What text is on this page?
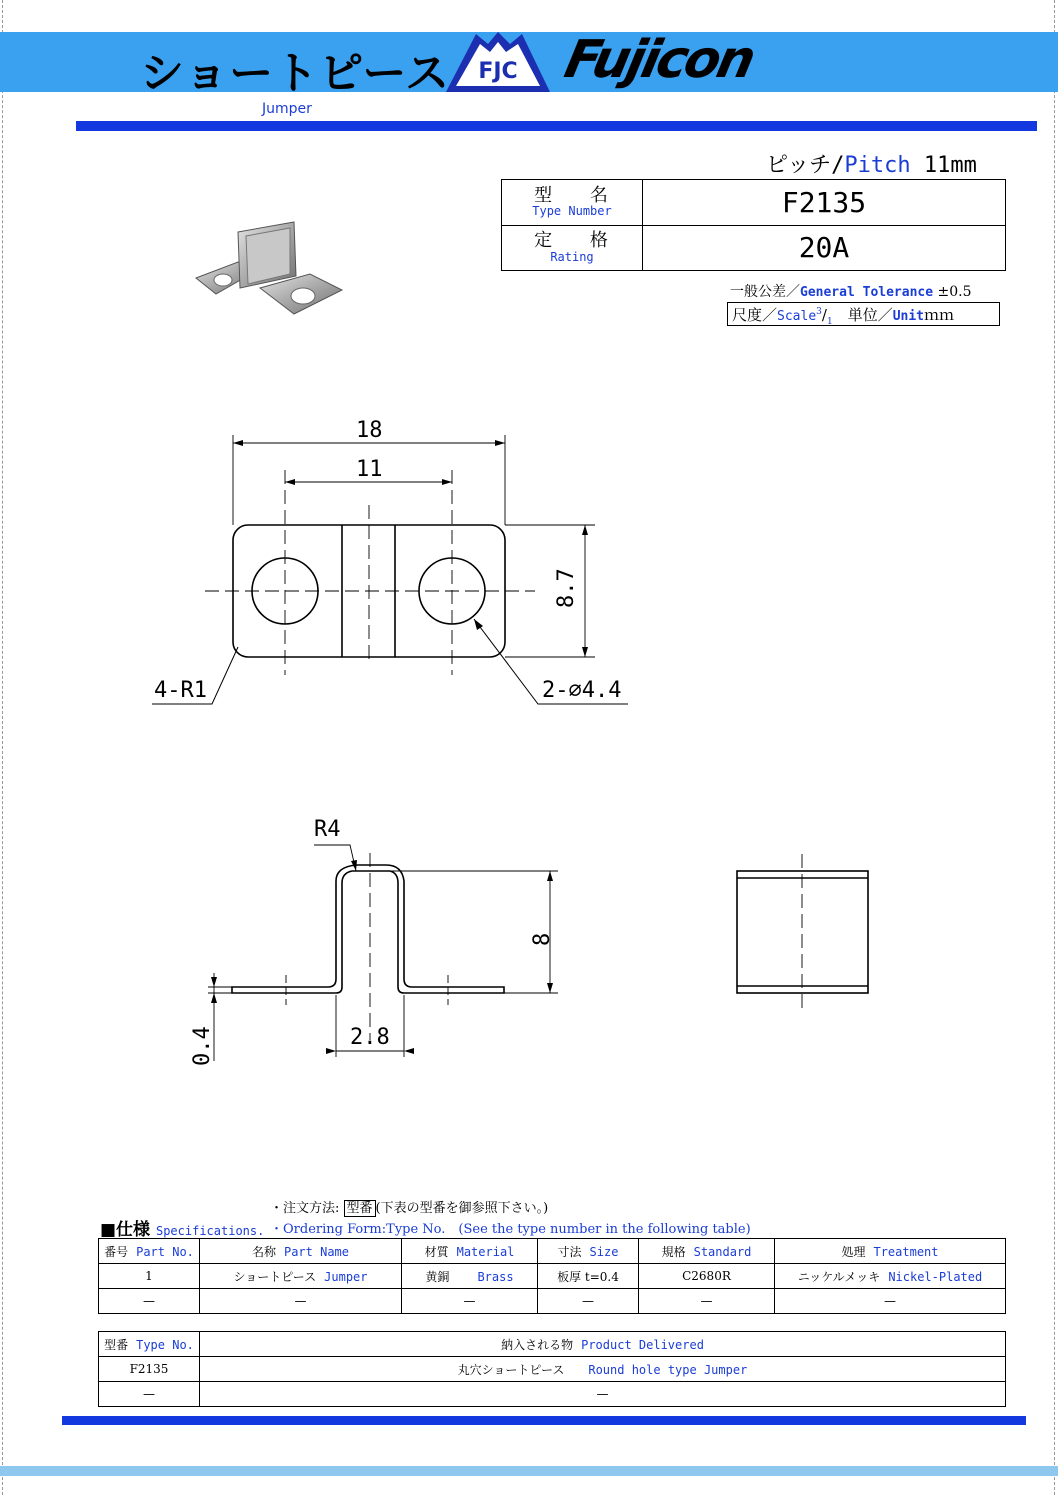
ショートピース FJC Fujicon
Jumper
ピッチ/Pitch 11mm
型 名
Type Number	F2135

定 格
Rating	20A
一般公差／General Tolerance ±0.5
尺度$/Scale^3/_1$　単位／Unitｍｍ
18
11
8.7
4-R1	2-∅4.4
R4
8
0.4	2.8
・注文方法: 型番 (下表の型番を御参照下さい。)
■仕様 Specifications. ・Ordering Form:Type No.　(See the type number in the following table)
番号 Part No.	名称 Part Name	材質 Material	寸法 Size	規格 Standard	処理 Treatment
1	ショートピース Jumper	黄銅 Brass	板厚 t=0.4	C2680R	ニッケルメッキ Nickel-Plated
—	—	—	—	—	—
型番 Type No.	納入される物 Product Delivered
F2135	丸穴ショートピース Round hole type Jumper
—	—
